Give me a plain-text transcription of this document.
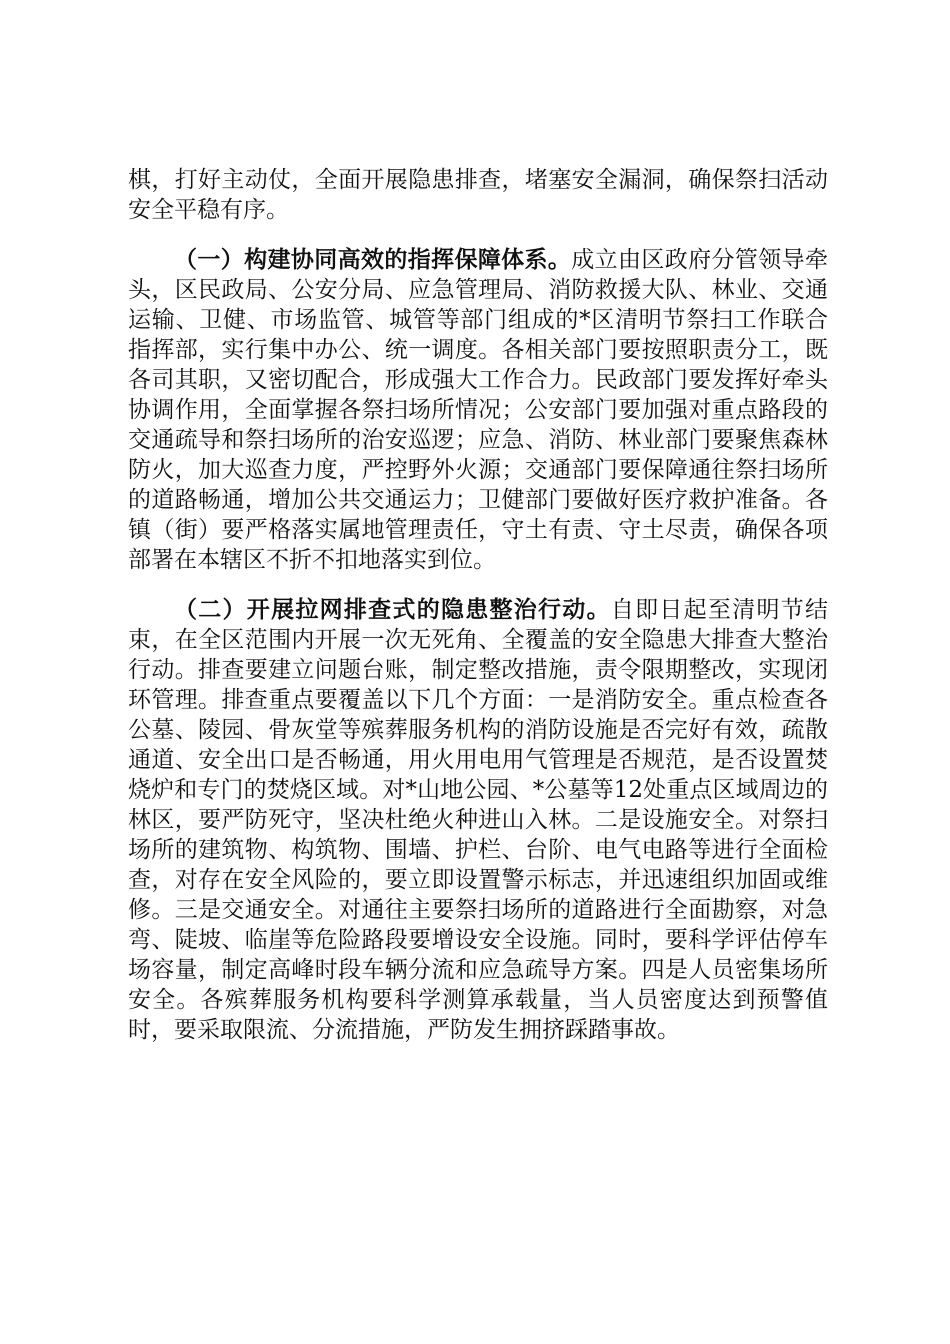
棋，打好主动仗，全面开展隐患排查，堵塞安全漏洞，确保祭扫活动安全平稳有序。

（一）构建协同高效的指挥保障体系。成立由区政府分管领导牵头，区民政局、公安分局、应急管理局、消防救援大队、林业、交通运输、卫健、市场监管、城管等部门组成的*区清明节祭扫工作联合指挥部，实行集中办公、统一调度。各相关部门要按照职责分工，既各司其职，又密切配合，形成强大工作合力。民政部门要发挥好牵头协调作用，全面掌握各祭扫场所情况；公安部门要加强对重点路段的交通疏导和祭扫场所的治安巡逻；应急、消防、林业部门要聚焦森林防火，加大巡查力度，严控野外火源；交通部门要保障通往祭扫场所的道路畅通，增加公共交通运力；卫健部门要做好医疗救护准备。各镇（街）要严格落实属地管理责任，守土有责、守土尽责，确保各项部署在本辖区不折不扣地落实到位。

（二）开展拉网排查式的隐患整治行动。自即日起至清明节结束，在全区范围内开展一次无死角、全覆盖的安全隐患大排查大整治行动。排查要建立问题台账，制定整改措施，责令限期整改，实现闭环管理。排查重点要覆盖以下几个方面：一是消防安全。重点检查各公墓、陵园、骨灰堂等殡葬服务机构的消防设施是否完好有效，疏散通道、安全出口是否畅通，用火用电用气管理是否规范，是否设置焚烧炉和专门的焚烧区域。对*山地公园、*公墓等12处重点区域周边的林区，要严防死守，坚决杜绝火种进山入林。二是设施安全。对祭扫场所的建筑物、构筑物、围墙、护栏、台阶、电气电路等进行全面检查，对存在安全风险的，要立即设置警示标志，并迅速组织加固或维修。三是交通安全。对通往主要祭扫场所的道路进行全面勘察，对急弯、陡坡、临崖等危险路段要增设安全设施。同时，要科学评估停车场容量，制定高峰时段车辆分流和应急疏导方案。四是人员密集场所安全。各殡葬服务机构要科学测算承载量，当人员密度达到预警值时，要采取限流、分流措施，严防发生拥挤踩踏事故。
